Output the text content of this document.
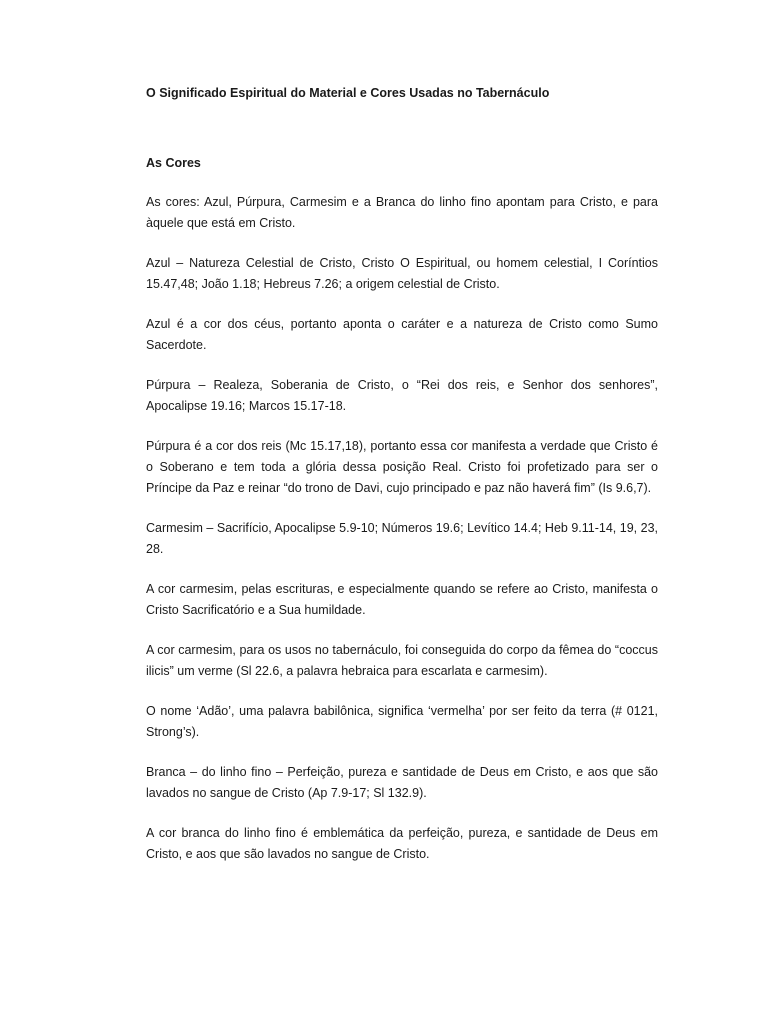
O Significado Espiritual do Material e Cores Usadas no Tabernáculo
As Cores

As cores: Azul, Púrpura, Carmesim e a Branca do linho fino apontam para Cristo, e para àquele que está em Cristo.

Azul – Natureza Celestial de Cristo, Cristo O Espiritual, ou homem celestial, I Coríntios 15.47,48; João 1.18; Hebreus 7.26; a origem celestial de Cristo.

Azul é a cor dos céus, portanto aponta o caráter e a natureza de Cristo como Sumo Sacerdote.

Púrpura – Realeza, Soberania de Cristo, o “Rei dos reis, e Senhor dos senhores”, Apocalipse 19.16; Marcos 15.17-18.

Púrpura é a cor dos reis (Mc 15.17,18), portanto essa cor manifesta a verdade que Cristo é o Soberano e tem toda a glória dessa posição Real. Cristo foi profetizado para ser o Príncipe da Paz e reinar “do trono de Davi, cujo principado e paz não haverá fim” (Is 9.6,7).

Carmesim – Sacrifício, Apocalipse 5.9-10; Números 19.6; Levítico 14.4; Heb 9.11-14, 19, 23, 28.

A cor carmesim, pelas escrituras, e especialmente quando se refere ao Cristo, manifesta o Cristo Sacrificatório e a Sua humildade.

A cor carmesim, para os usos no tabernáculo, foi conseguida do corpo da fêmea do “coccus ilicis” um verme (Sl 22.6, a palavra hebraica para escarlata e carmesim).

O nome ‘Adão’, uma palavra babilônica, significa ‘vermelha’ por ser feito da terra (# 0121, Strong’s).

Branca – do linho fino – Perfeição, pureza e santidade de Deus em Cristo, e aos que são lavados no sangue de Cristo (Ap 7.9-17; Sl 132.9).

A cor branca do linho fino é emblemática da perfeição, pureza, e santidade de Deus em Cristo, e aos que são lavados no sangue de Cristo.
